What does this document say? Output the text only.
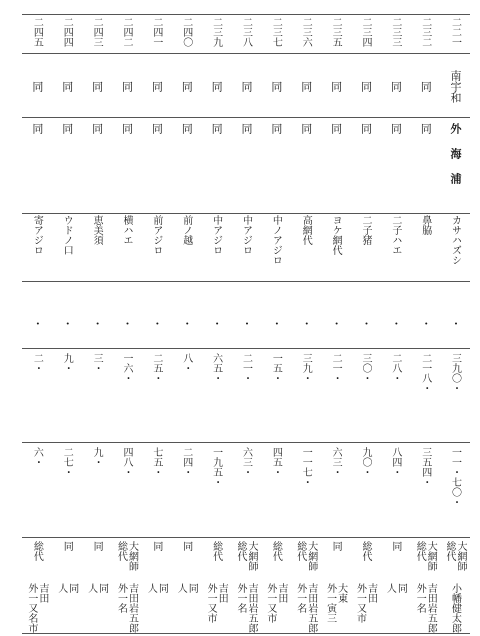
二二一
南宇和
外海浦
カサハズシ
・
三九〇・
一一・七〇・
大網師
総代
小幡健太郎
二三二
同
同
鼻脇
・
二一八・
三五四・
大網師
総代
吉田岩五郎
外一名
二三三
同
同
二子ハエ
・
二八・
八四・
同
同
人
二三四
同
同
二子猪
・
三〇・
九〇・
総代
吉田
外一又市
二三五
同
同
ヨケ網代
・
二一・
六三・
同
大東
外一寅三
二三六
同
同
高網代
・
三九・
一一七・
大網師
総代
吉田岩五郎
外一名
二三七
同
同
中ノアジロ
・
一五・
四五・
総代
吉田
外一又市
二三八
同
同
中アジロ
・
二一・
六三・
大網師
総代
吉田岩五郎
外一名
二三九
同
同
中アジロ
・
六五・
一九五・
総代
吉田
外一又市
二四〇
同
同
前ノ越
・
八・
二四・
同
同
人
二四一
同
同
前アジロ
・
二五・
七五・
同
同
人
二四二
同
同
横ハエ
・
一六・
四八・
大網師
総代
吉田岩五郎
外一名
二四三
同
同
恵美須
・
三・
九・
同
同
人
二四四
同
同
ウドノ口
・
九・
二七・
同
同
人
二四五
同
同
寄アジロ
・
二・
六・
総代
吉田
外一又名市
